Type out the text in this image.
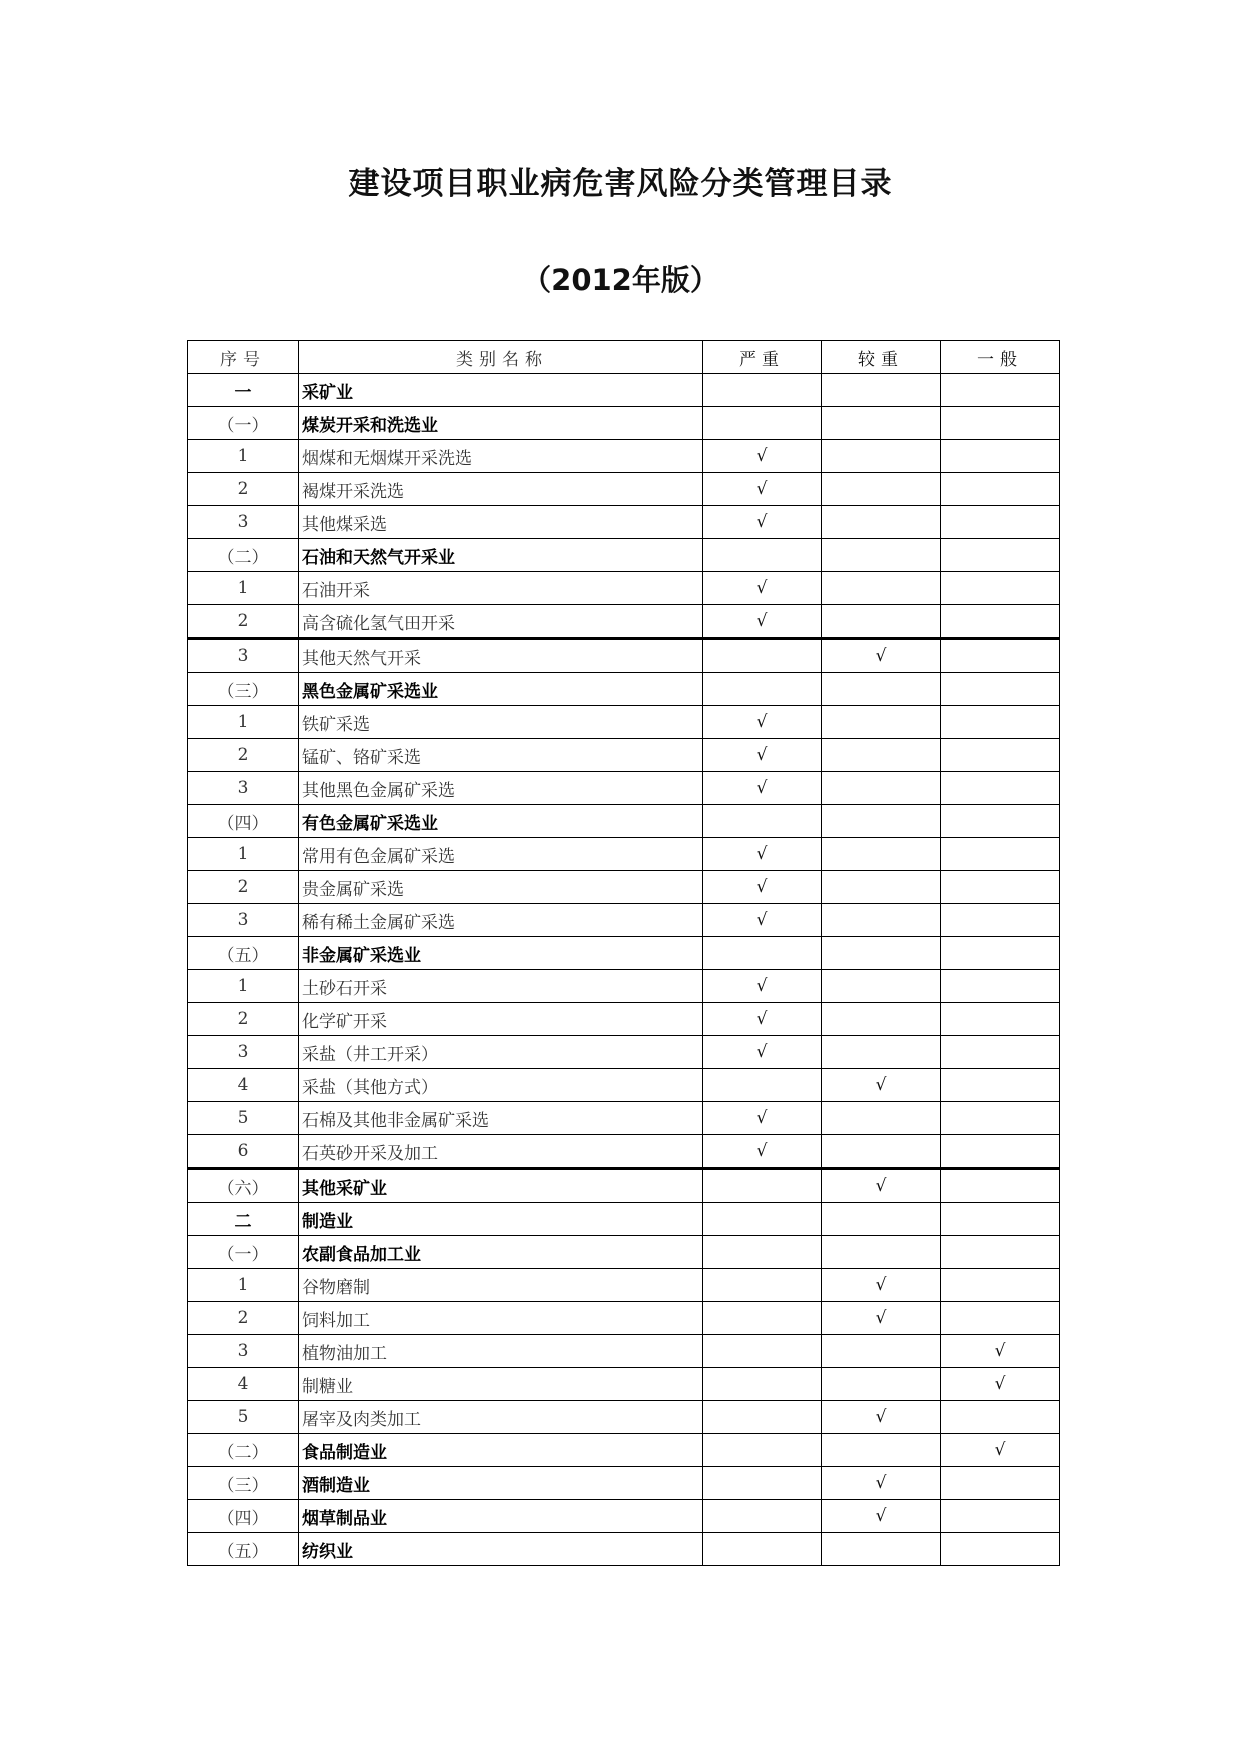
建设项目职业病危害风险分类管理目录
（2012年版）
序号	类别名称	严重	较重	一般
一	采矿业			
（一）	煤炭开采和洗选业			
1	烟煤和无烟煤开采洗选	√		
2	褐煤开采洗选	√		
3	其他煤采选	√		
（二）	石油和天然气开采业			
1	石油开采	√		
2	高含硫化氢气田开采	√		
3	其他天然气开采		√	
（三）	黑色金属矿采选业			
1	铁矿采选	√		
2	锰矿、铬矿采选	√		
3	其他黑色金属矿采选	√		
（四）	有色金属矿采选业			
1	常用有色金属矿采选	√		
2	贵金属矿采选	√		
3	稀有稀土金属矿采选	√		
（五）	非金属矿采选业			
1	土砂石开采	√		
2	化学矿开采	√		
3	采盐（井工开采）	√		
4	采盐（其他方式）		√	
5	石棉及其他非金属矿采选	√		
6	石英砂开采及加工	√		
（六）	其他采矿业		√	
二	制造业			
（一）	农副食品加工业			
1	谷物磨制		√	
2	饲料加工		√	
3	植物油加工			√
4	制糖业			√
5	屠宰及肉类加工		√	
（二）	食品制造业			√
（三）	酒制造业		√	
（四）	烟草制品业		√	
（五）	纺织业			
